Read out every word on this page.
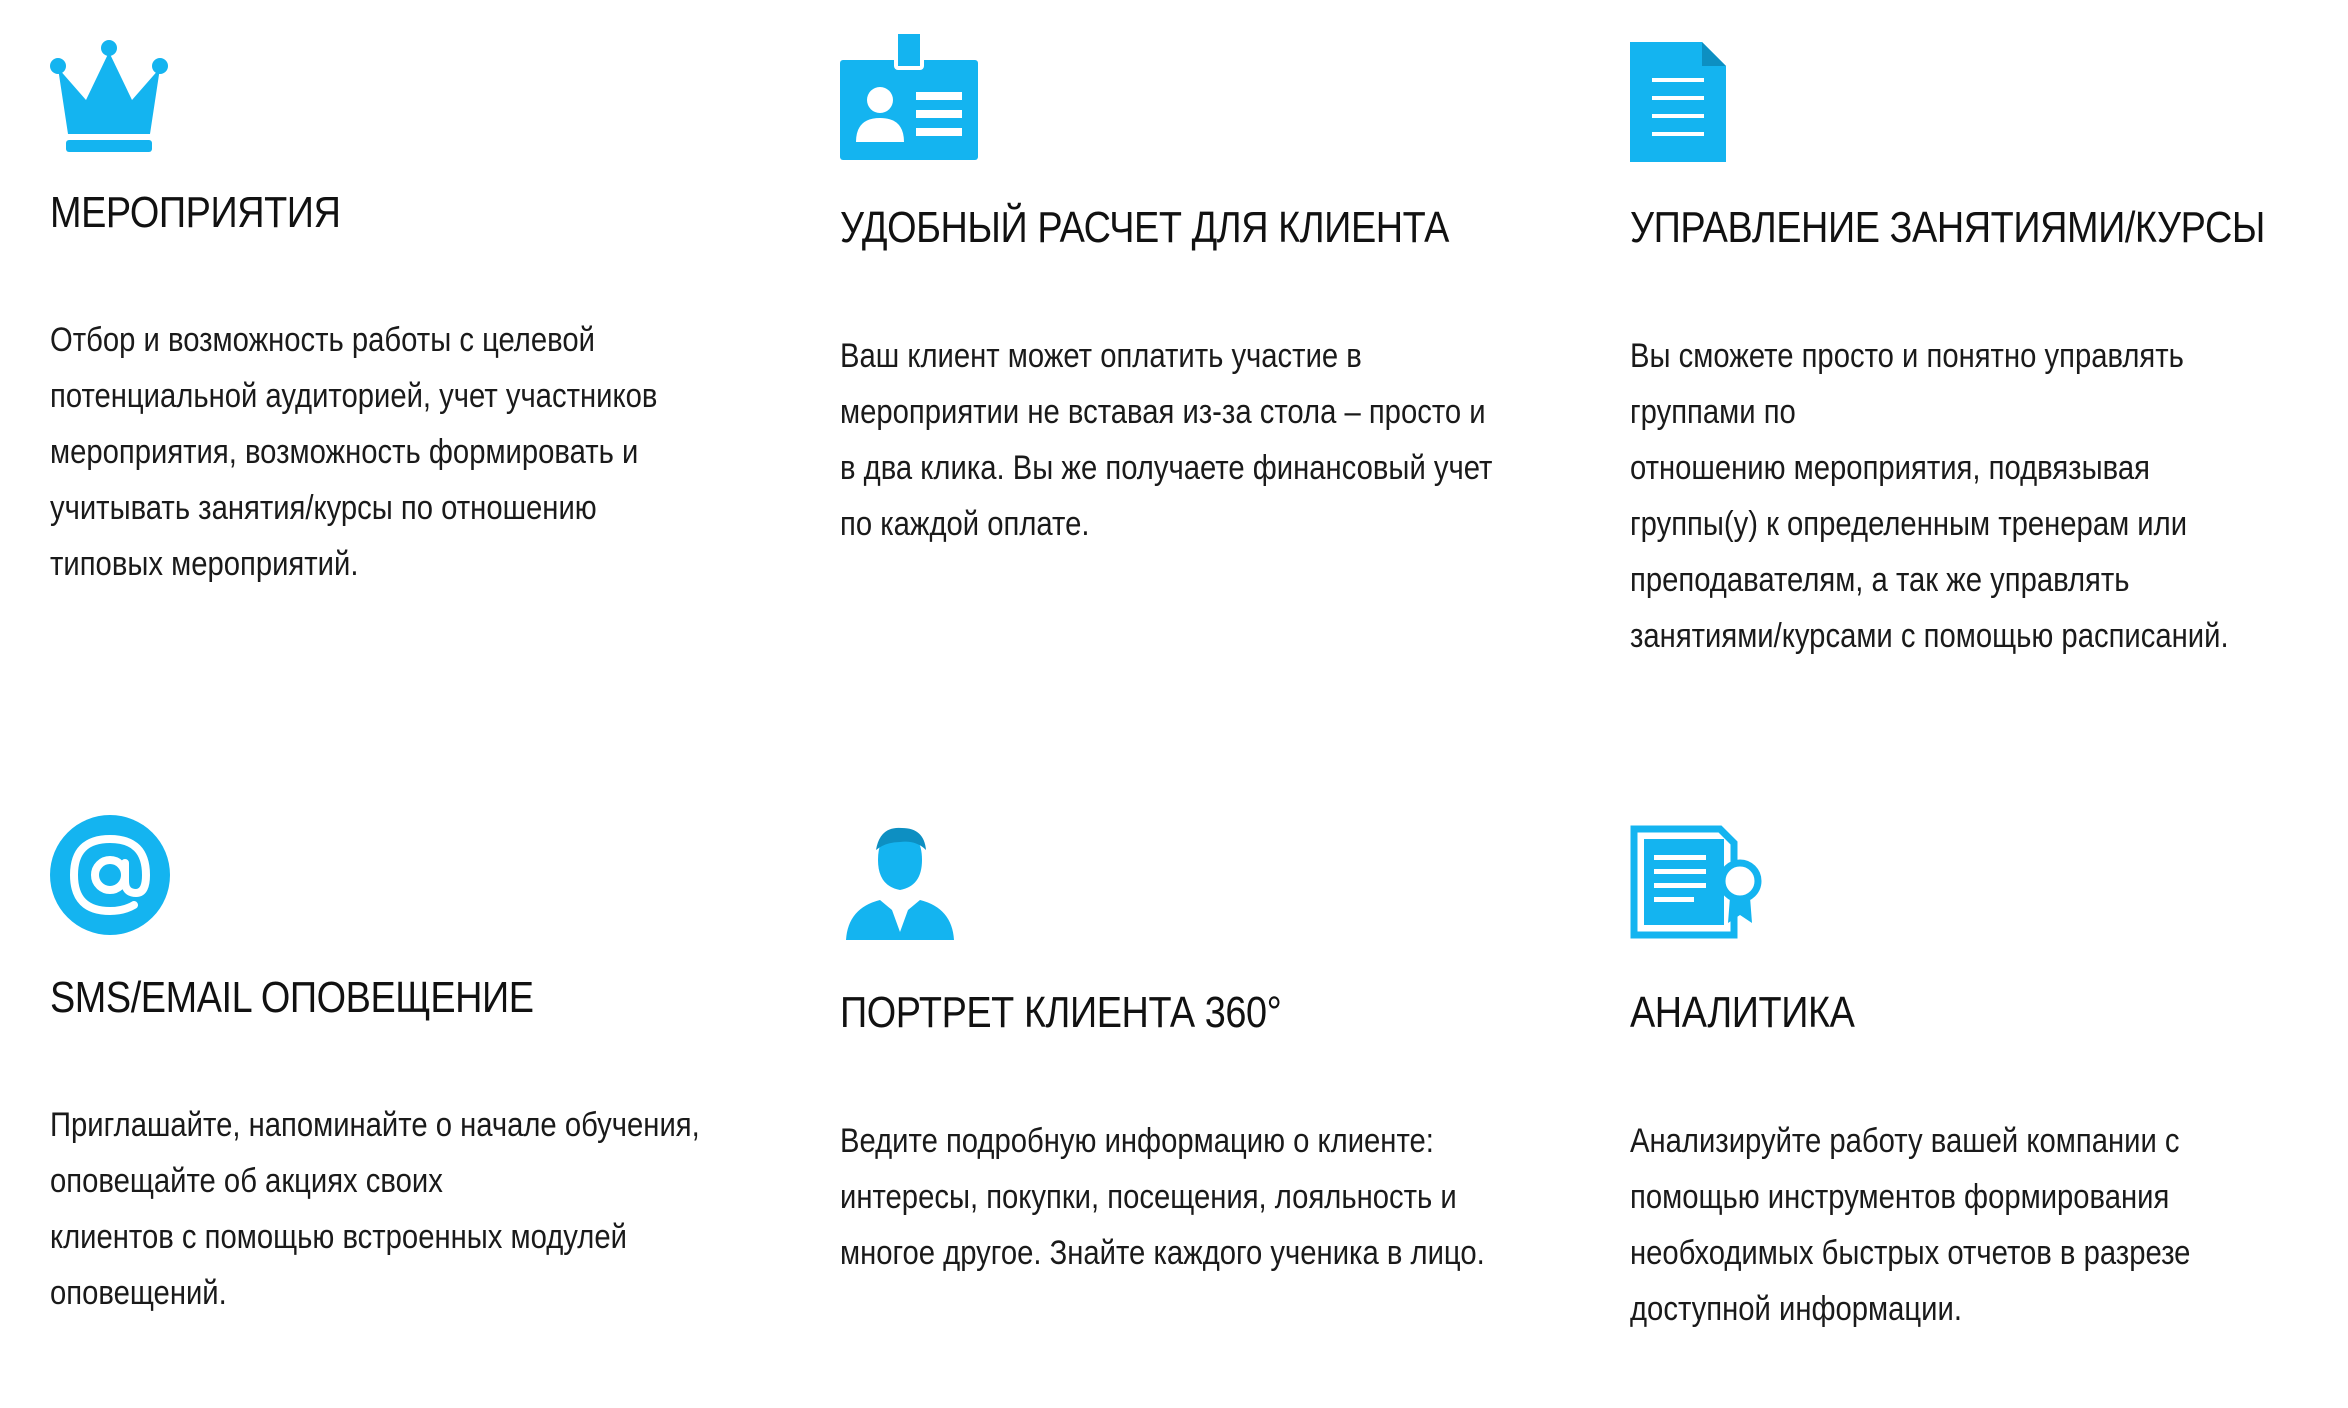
МЕРОПРИЯТИЯ

Отбор и возможность работы с целевой
потенциальной аудиторией, учет участников
мероприятия, возможность формировать и
учитывать занятия/курсы по отношению
типовых мероприятий.

УДОБНЫЙ РАСЧЕТ ДЛЯ КЛИЕНТА

Ваш клиент может оплатить участие в
мероприятии не вставая из-за стола – просто и
в два клика. Вы же получаете финансовый учет
по каждой оплате.

УПРАВЛЕНИЕ ЗАНЯТИЯМИ/КУРСЫ

Вы сможете просто и понятно управлять
группами по
отношению мероприятия, подвязывая
группы(у) к определенным тренерам или
преподавателям, а так же управлять
занятиями/курсами с помощью расписаний.

SMS/EMAIL ОПОВЕЩЕНИЕ

Приглашайте, напоминайте о начале обучения,
оповещайте об акциях своих
клиентов с помощью встроенных модулей
оповещений.

ПОРТРЕТ КЛИЕНТА 360°

Ведите подробную информацию о клиенте:
интересы, покупки, посещения, лояльность и
многое другое. Знайте каждого ученика в лицо.

АНАЛИТИКА

Анализируйте работу вашей компании с
помощью инструментов формирования
необходимых быстрых отчетов в разрезе
доступной информации.
